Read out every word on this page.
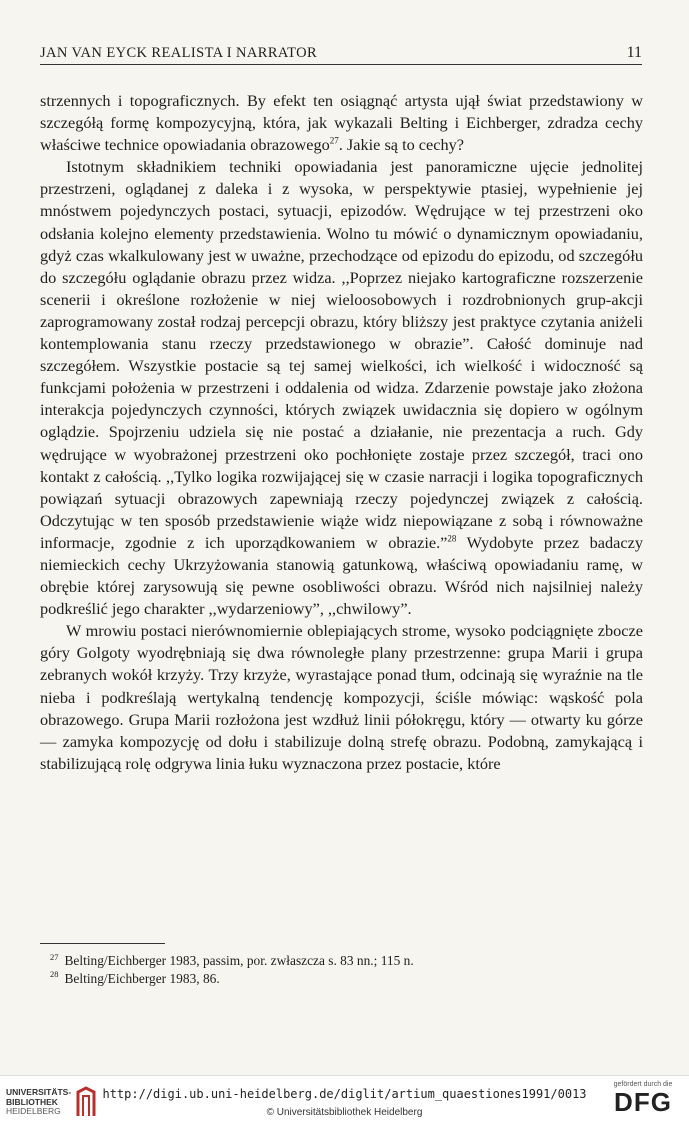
JAN VAN EYCK REALISTA I NARRATOR	11

strzennych i topograficznych. By efekt ten osiągnąć artysta ujął świat przedstawiony w szczegółą formę kompozycyjną, która, jak wykazali Belting i Eichberger, zdradza cechy właściwe technice opowiadania obrazowego$^{27}$. Jakie są to cechy?

Istotnym składnikiem techniki opowiadania jest panoramiczne ujęcie jednolitej przestrzeni, oglądanej z daleka i z wysoka, w perspektywie ptasiej, wypełnienie jej mnóstwem pojedynczych postaci, sytuacji, epizodów. Wędrujące w tej przestrzeni oko odsłania kolejno elementy przedstawienia. Wolno tu mówić o dynamicznym opowiadaniu, gdyż czas wkalkulowany jest w uważne, przechodzące od epizodu do epizodu, od szczegółu do szczegółu oglądanie obrazu przez widza. ,,Poprzez niejako kartograficzne rozszerzenie scenerii i określone rozłożenie w niej wieloosobowych i rozdrobnionych grup-akcji zaprogramowany został rodzaj percepcji obrazu, który bliższy jest praktyce czytania aniżeli kontemplowania stanu rzeczy przedstawionego w obrazie”. Całość dominuje nad szczegółem. Wszystkie postacie są tej samej wielkości, ich wielkość i widoczność są funkcjami położenia w przestrzeni i oddalenia od widza. Zdarzenie powstaje jako złożona interakcja pojedynczych czynności, których związek uwidacznia się dopiero w ogólnym oglądzie. Spojrzeniu udziela się nie postać a działanie, nie prezentacja a ruch. Gdy wędrujące w wyobrażonej przestrzeni oko pochłonięte zostaje przez szczegół, traci ono kontakt z całością. ,,Tylko logika rozwijającej się w czasie narracji i logika topograficznych powiązań sytuacji obrazowych zapewniają rzeczy pojedynczej związek z całością. Odczytując w ten sposób przedstawienie wiąże widz niepowiązane z sobą i równoważne informacje, zgodnie z ich uporządkowaniem w obrazie.”$^{28}$ Wydobyte przez badaczy niemieckich cechy Ukrzyżowania stanowią gatunkową, właściwą opowiadaniu ramę, w obrębie której zarysowują się pewne osobliwości obrazu. Wśród nich najsilniej należy podkreślić jego charakter ,,wydarzeniowy”, ,,chwilowy”.

W mrowiu postaci nierównomiernie oblepiających strome, wysoko podciągnięte zbocze góry Golgoty wyodrębniają się dwa równoległe plany przestrzenne: grupa Marii i grupa zebranych wokół krzyży. Trzy krzyże, wyrastające ponad tłum, odcinają się wyraźnie na tle nieba i podkreślają wertykalną tendencję kompozycji, ściśle mówiąc: wąskość pola obrazowego. Grupa Marii rozłożona jest wzdłuż linii półokręgu, który — otwarty ku górze — zamyka kompozycję od dołu i stabilizuje dolną strefę obrazu. Podobną, zamykającą i stabilizującą rolę odgrywa linia łuku wyznaczona przez postacie, które

$^{27}$ Belting/Eichberger 1983, passim, por. zwłaszcza s. 83 nn.; 115 n.
$^{28}$ Belting/Eichberger 1983, 86.
UNIVERSITÄTS-
BIBLIOTHEK
HEIDELBERG
http://digi.ub.uni-heidelberg.de/diglit/artium_quaestiones1991/0013
© Universitätsbibliothek Heidelberg
gefördert durch die
DFG
